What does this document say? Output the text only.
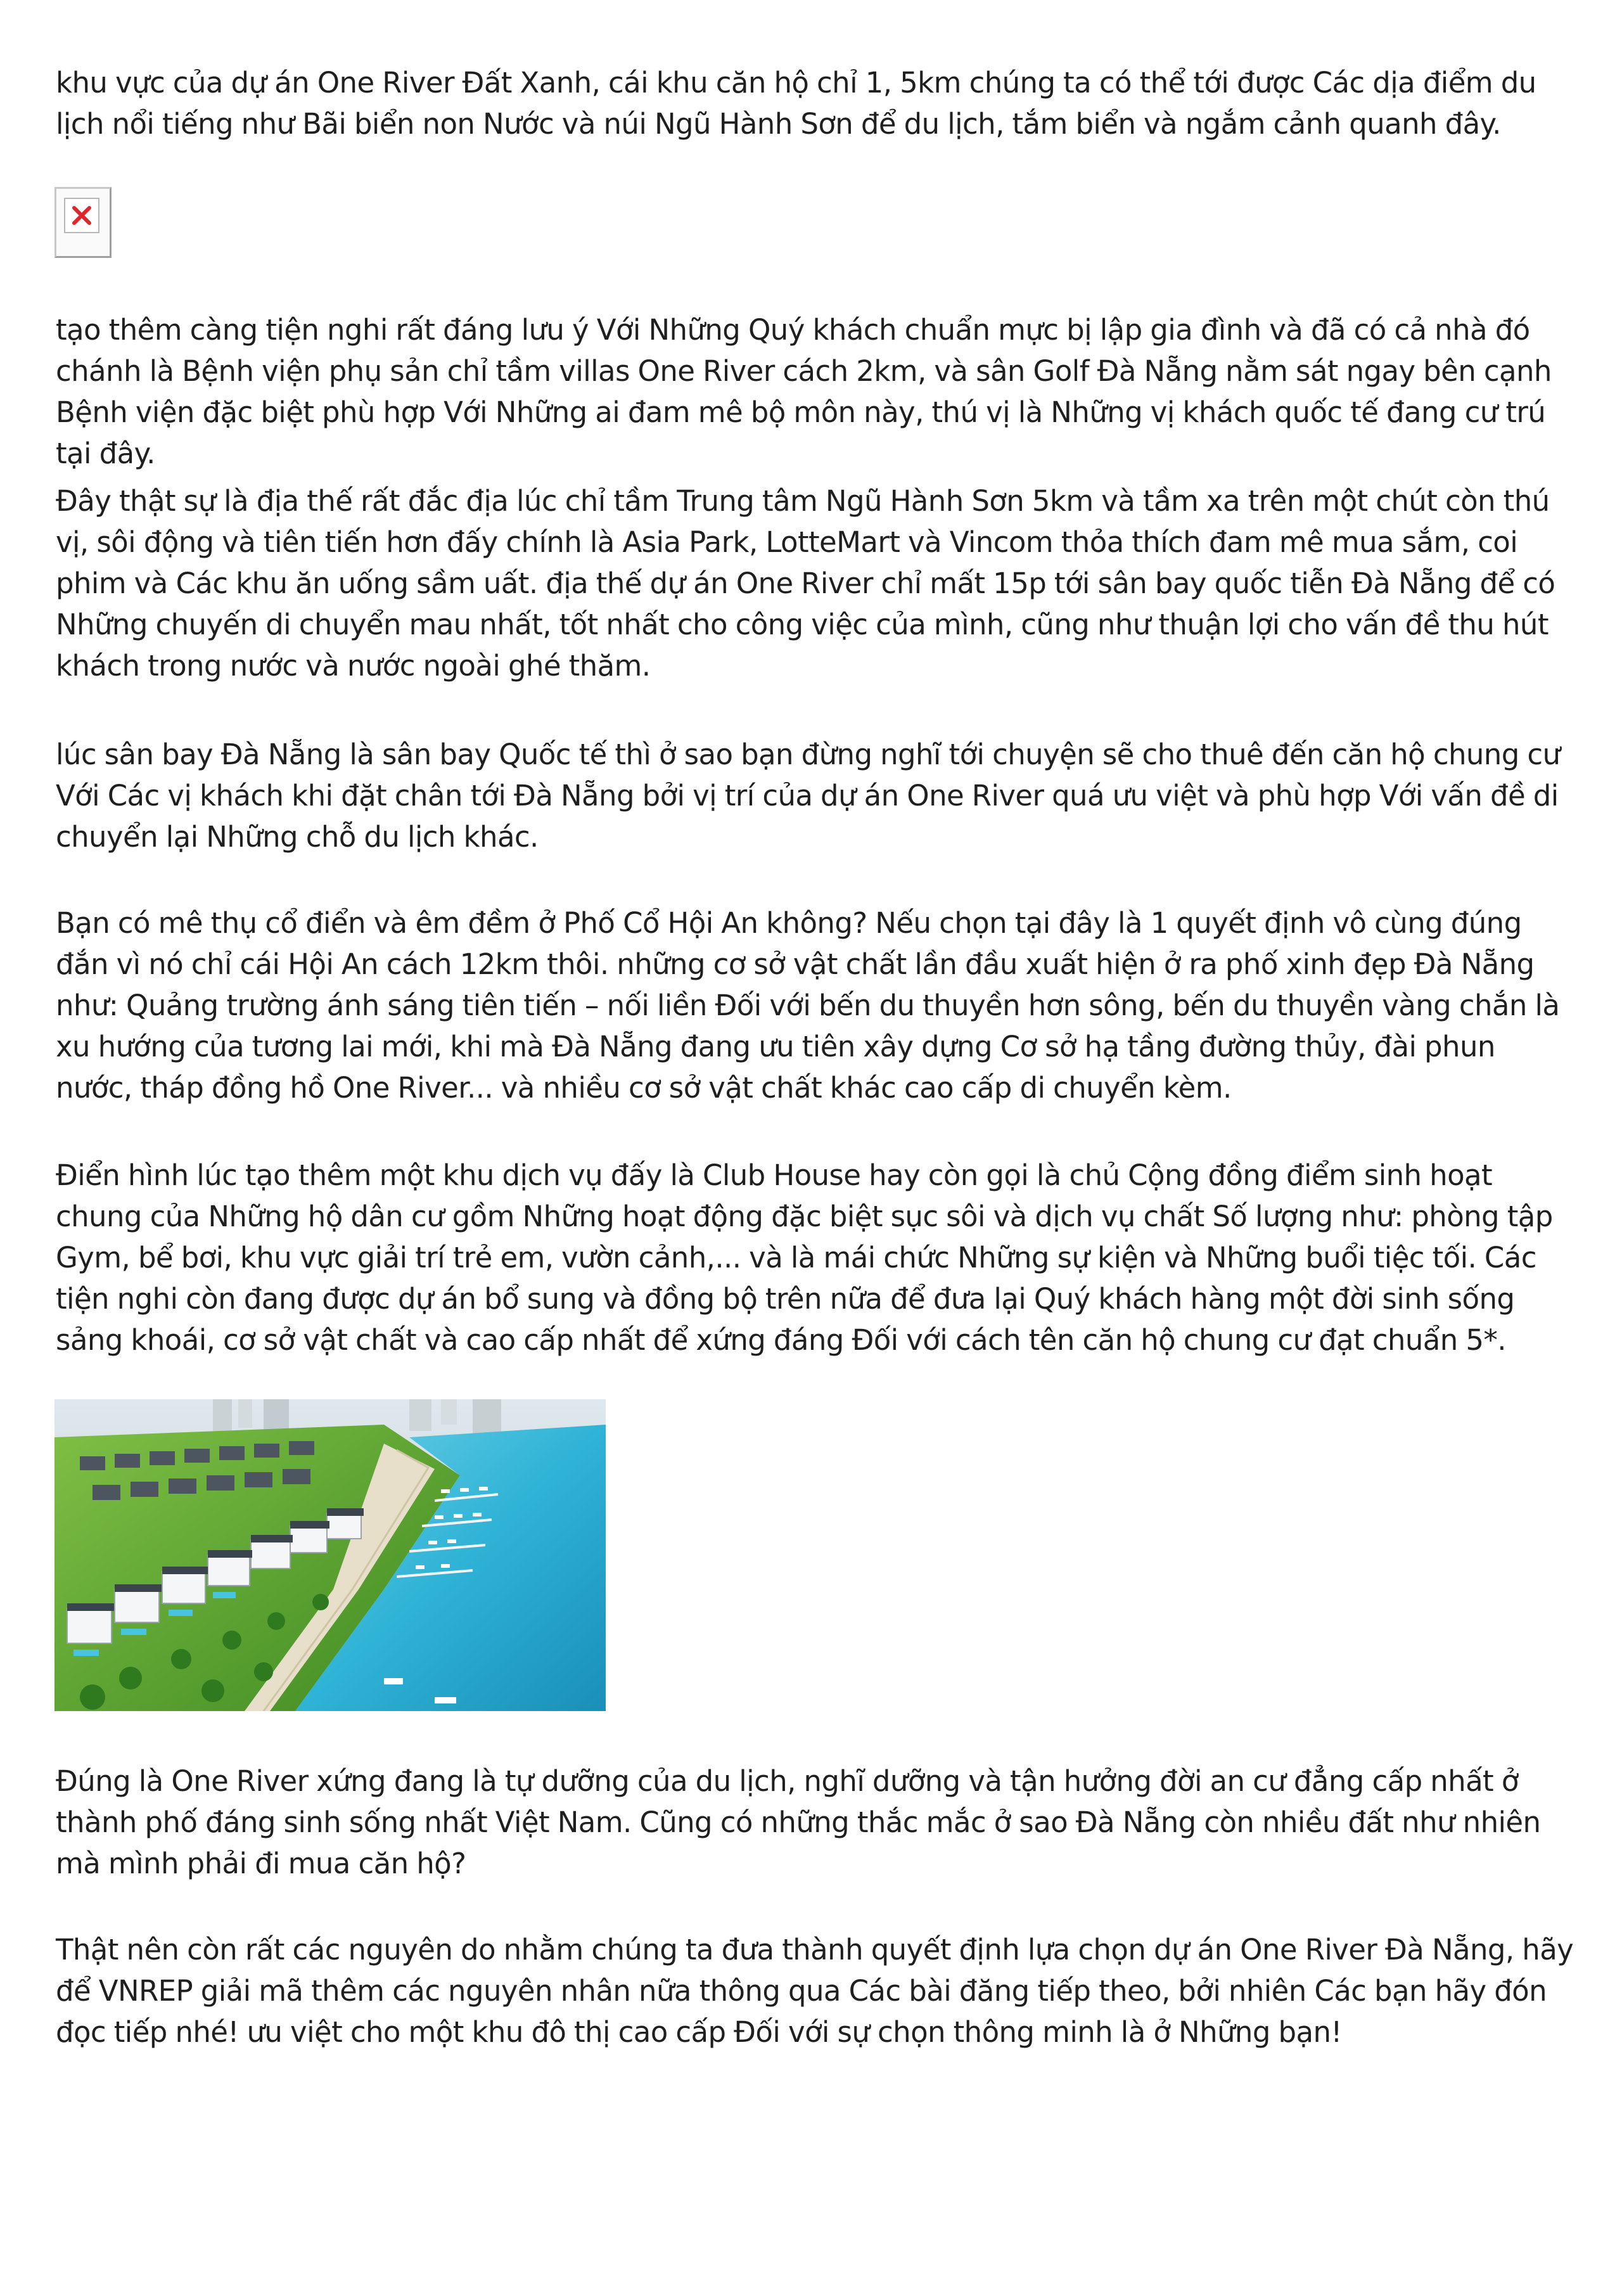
khu vực của dự án One River Đất Xanh, cái khu căn hộ chỉ 1, 5km chúng ta có thể tới được Các dịa điểm du lịch nổi tiếng như Bãi biển non Nước và núi Ngũ Hành Sơn để du lịch, tắm biển và ngắm cảnh quanh đây.

tạo thêm càng tiện nghi rất đáng lưu ý Với Những Quý khách chuẩn mực bị lập gia đình và đã có cả nhà đó chánh là Bệnh viện phụ sản chỉ tầm villas One River cách 2km, và sân Golf Đà Nẵng nằm sát ngay bên cạnh Bệnh viện đặc biệt phù hợp Với Những ai đam mê bộ môn này, thú vị là Những vị khách quốc tế đang cư trú tại đây.

Đây thật sự là địa thế rất đắc địa lúc chỉ tầm Trung tâm Ngũ Hành Sơn 5km và tầm xa trên một chút còn thú vị, sôi động và tiên tiến hơn đấy chính là Asia Park, LotteMart và Vincom thỏa thích đam mê mua sắm, coi phim và Các khu ăn uống sầm uất. địa thế dự án One River chỉ mất 15p tới sân bay quốc tiễn Đà Nẵng để có Những chuyến di chuyển mau nhất, tốt nhất cho công việc của mình, cũng như thuận lợi cho vấn đề thu hút khách trong nước và nước ngoài ghé thăm.

lúc sân bay Đà Nẵng là sân bay Quốc tế thì ở sao bạn đừng nghĩ tới chuyện sẽ cho thuê đến căn hộ chung cư Với Các vị khách khi đặt chân tới Đà Nẵng bởi vị trí của dự án One River quá ưu việt và phù hợp Với vấn đề di chuyển lại Những chỗ du lịch khác.

Bạn có mê thụ cổ điển và êm đềm ở Phố Cổ Hội An không? Nếu chọn tại đây là 1 quyết định vô cùng đúng đắn vì nó chỉ cái Hội An cách 12km thôi. những cơ sở vật chất lần đầu xuất hiện ở ra phố xinh đẹp Đà Nẵng như: Quảng trường ánh sáng tiên tiến – nối liền Đối với bến du thuyền hơn sông, bến du thuyền vàng chắn là xu hướng của tương lai mới, khi mà Đà Nẵng đang ưu tiên xây dựng Cơ sở hạ tầng đường thủy, đài phun nước, tháp đồng hồ One River... và nhiều cơ sở vật chất khác cao cấp di chuyển kèm.

Điển hình lúc tạo thêm một khu dịch vụ đấy là Club House hay còn gọi là chủ Cộng đồng điểm sinh hoạt chung của Những hộ dân cư gồm Những hoạt động đặc biệt sục sôi và dịch vụ chất Số lượng như: phòng tập Gym, bể bơi, khu vực giải trí trẻ em, vườn cảnh,... và là mái chức Những sự kiện và Những buổi tiệc tối. Các tiện nghi còn đang được dự án bổ sung và đồng bộ trên nữa để đưa lại Quý khách hàng một đời sinh sống sảng khoái, cơ sở vật chất và cao cấp nhất để xứng đáng Đối với cách tên căn hộ chung cư đạt chuẩn 5*.

Đúng là One River xứng đang là tự dưỡng của du lịch, nghĩ dưỡng và tận hưởng đời an cư đẳng cấp nhất ở thành phố đáng sinh sống nhất Việt Nam. Cũng có những thắc mắc ở sao Đà Nẵng còn nhiều đất như nhiên mà mình phải đi mua căn hộ?

Thật nên còn rất các nguyên do nhằm chúng ta đưa thành quyết định lựa chọn dự án One River Đà Nẵng, hãy để VNREP giải mã thêm các nguyên nhân nữa thông qua Các bài đăng tiếp theo, bởi nhiên Các bạn hãy đón đọc tiếp nhé! ưu việt cho một khu đô thị cao cấp Đối với sự chọn thông minh là ở Những bạn!
